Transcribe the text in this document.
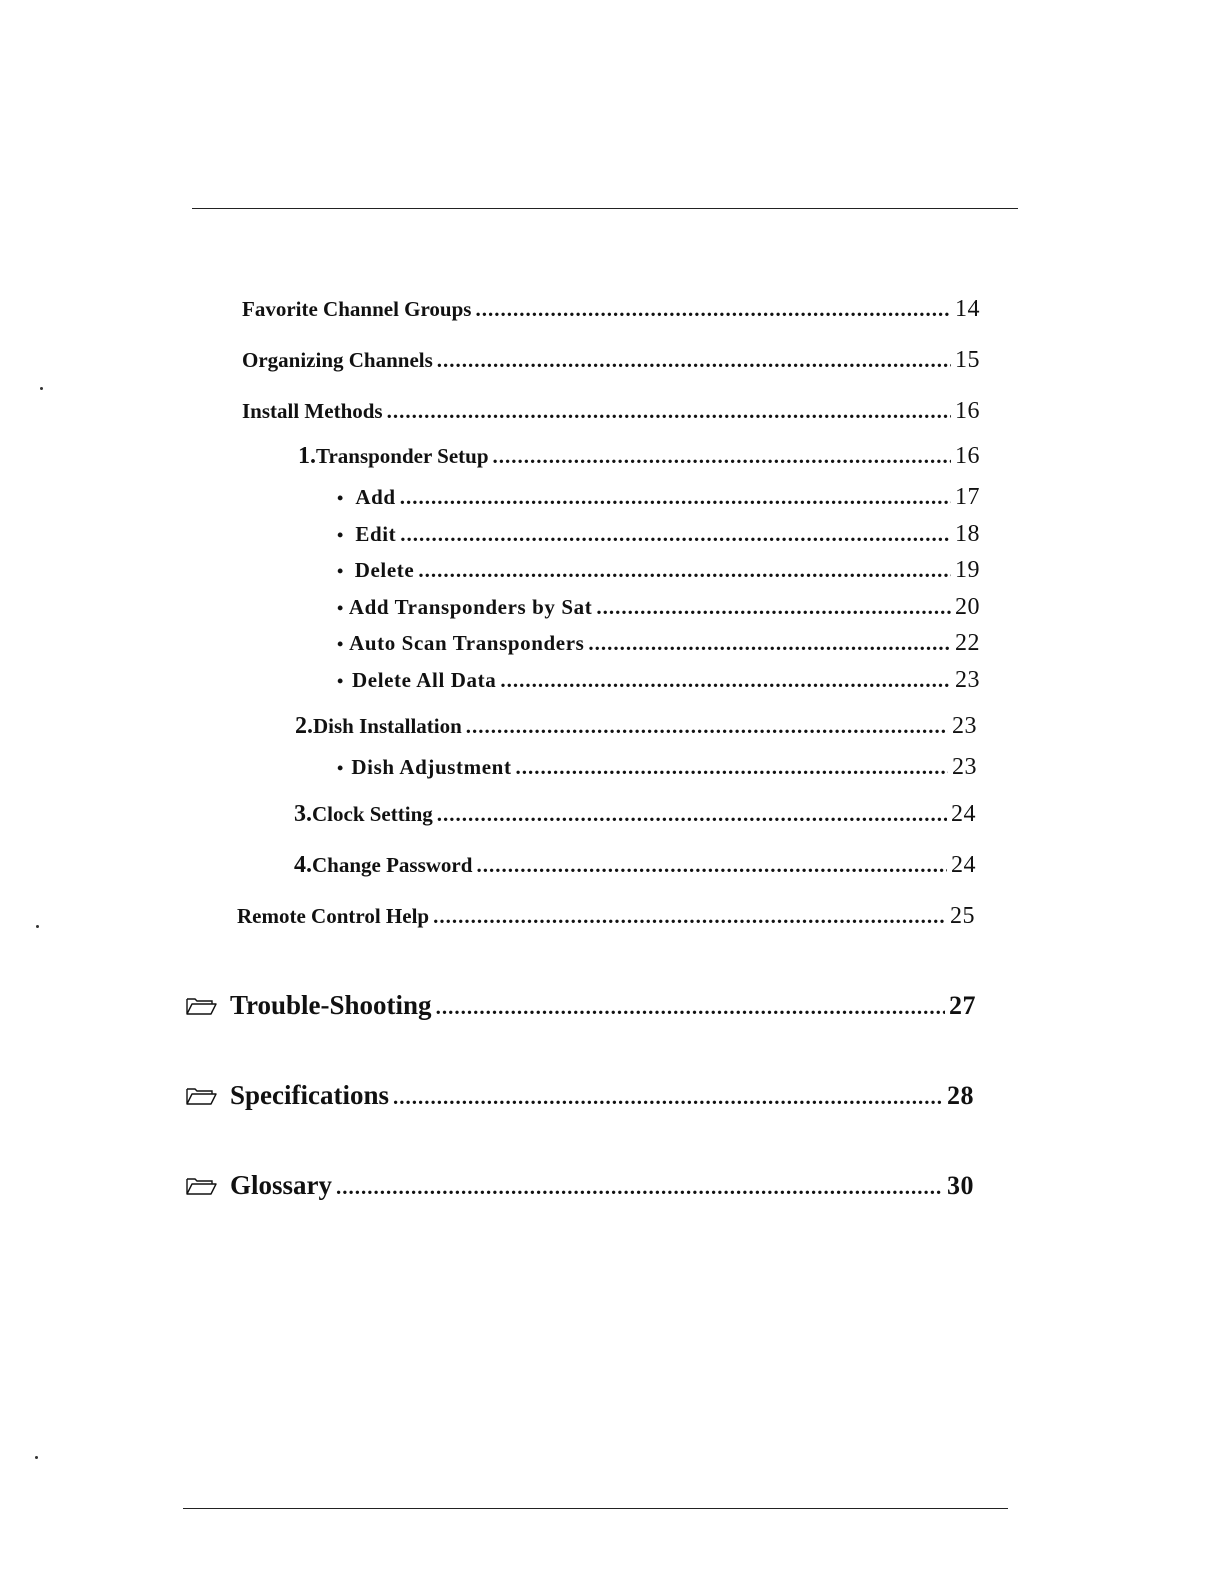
Favorite Channel Groups .....	14
Organizing Channels .....	15
Install Methods .....	16
1. Transponder Setup .....	16
• Add .....	17
• Edit .....	18
• Delete .....	19
• Add Transponders by Sat .....	20
• Auto Scan Transponders .....	22
• Delete All Data .....	23
2. Dish Installation .....	23
• Dish Adjustment .....	23
3. Clock Setting .....	24
4. Change Password .....	24
Remote Control Help .....	25
Trouble-Shooting .....	27
Specifications .....	28
Glossary .....	30
